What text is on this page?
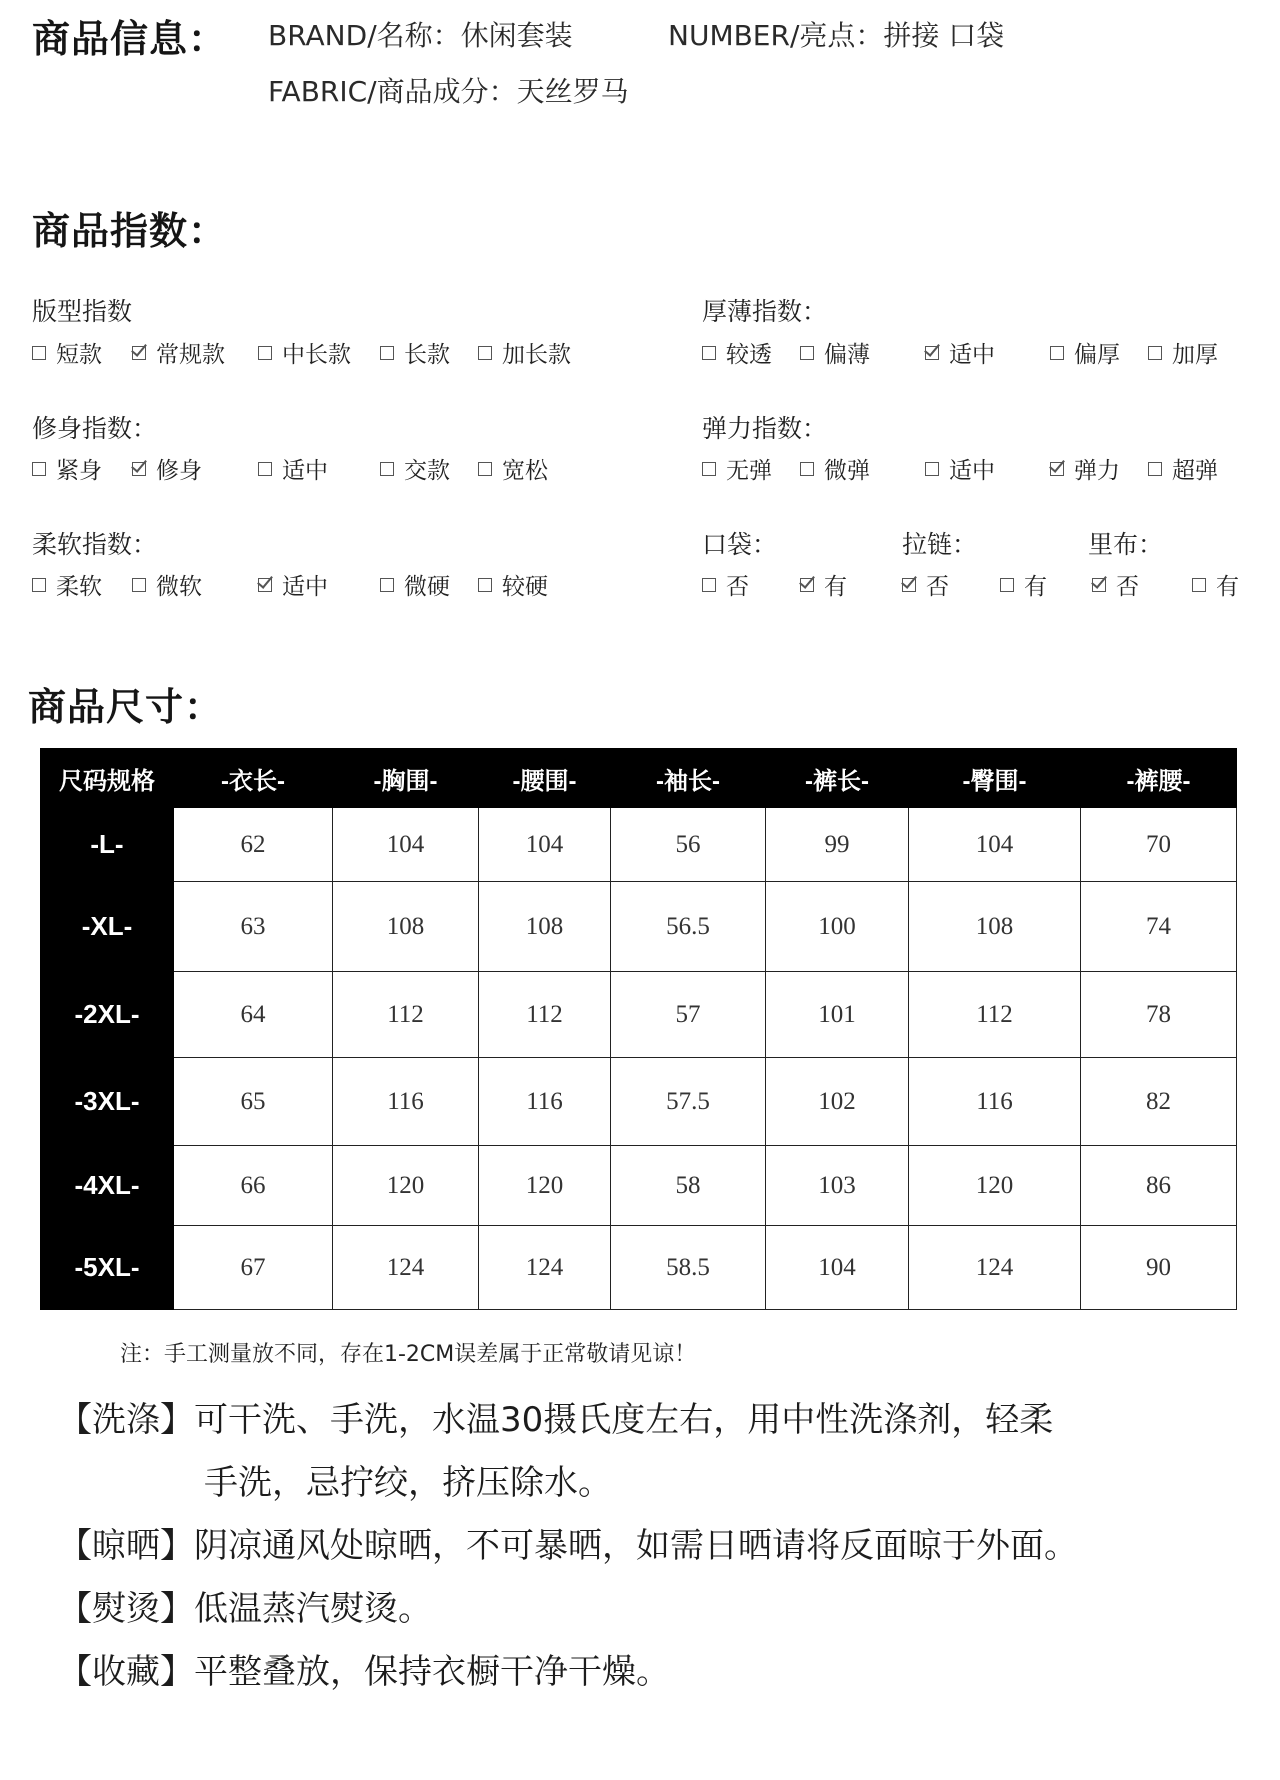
商品信息： BRAND/名称：休闲套装	NUMBER/亮点：拼接 口袋
FABRIC/商品成分：天丝罗马
商品指数：
版型指数	厚薄指数：
修身指数：	弹力指数：
柔软指数：	口袋：	拉链：	里布：
短款 常规款 中长款 长款 加长款	较透 偏薄	适中	偏厚 加厚
紧身 修身	适中	交款 宽松	无弹 微弹	适中	弹力 超弹
柔软 微软	适中	微硬 较硬	否	有	否	有	否	有
商品尺寸：
尺码规格	-衣长-	-胸围-	-腰围-	-袖长-	-裤长-	-臀围-	-裤腰-
-L-	62	104	104	56	99	104	70
-XL-	63	108	108	56.5	100	108	74
-2XL-	64	112	112	57	101	112	78
-3XL-	65	116	116	57.5	102	116	82
-4XL-	66	120	120	58	103	120	86
-5XL-	67	124	124	58.5	104	124	90
注：手工测量放不同，存在1-2CM误差属于正常敬请见谅！
【洗涤】可干洗、手洗，水温30摄氏度左右，用中性洗涤剂，轻柔
手洗，忌拧绞，挤压除水。
【晾晒】阴凉通风处晾晒，不可暴晒，如需日晒请将反面晾于外面。
【熨烫】低温蒸汽熨烫。
【收藏】平整叠放，保持衣橱干净干燥。
